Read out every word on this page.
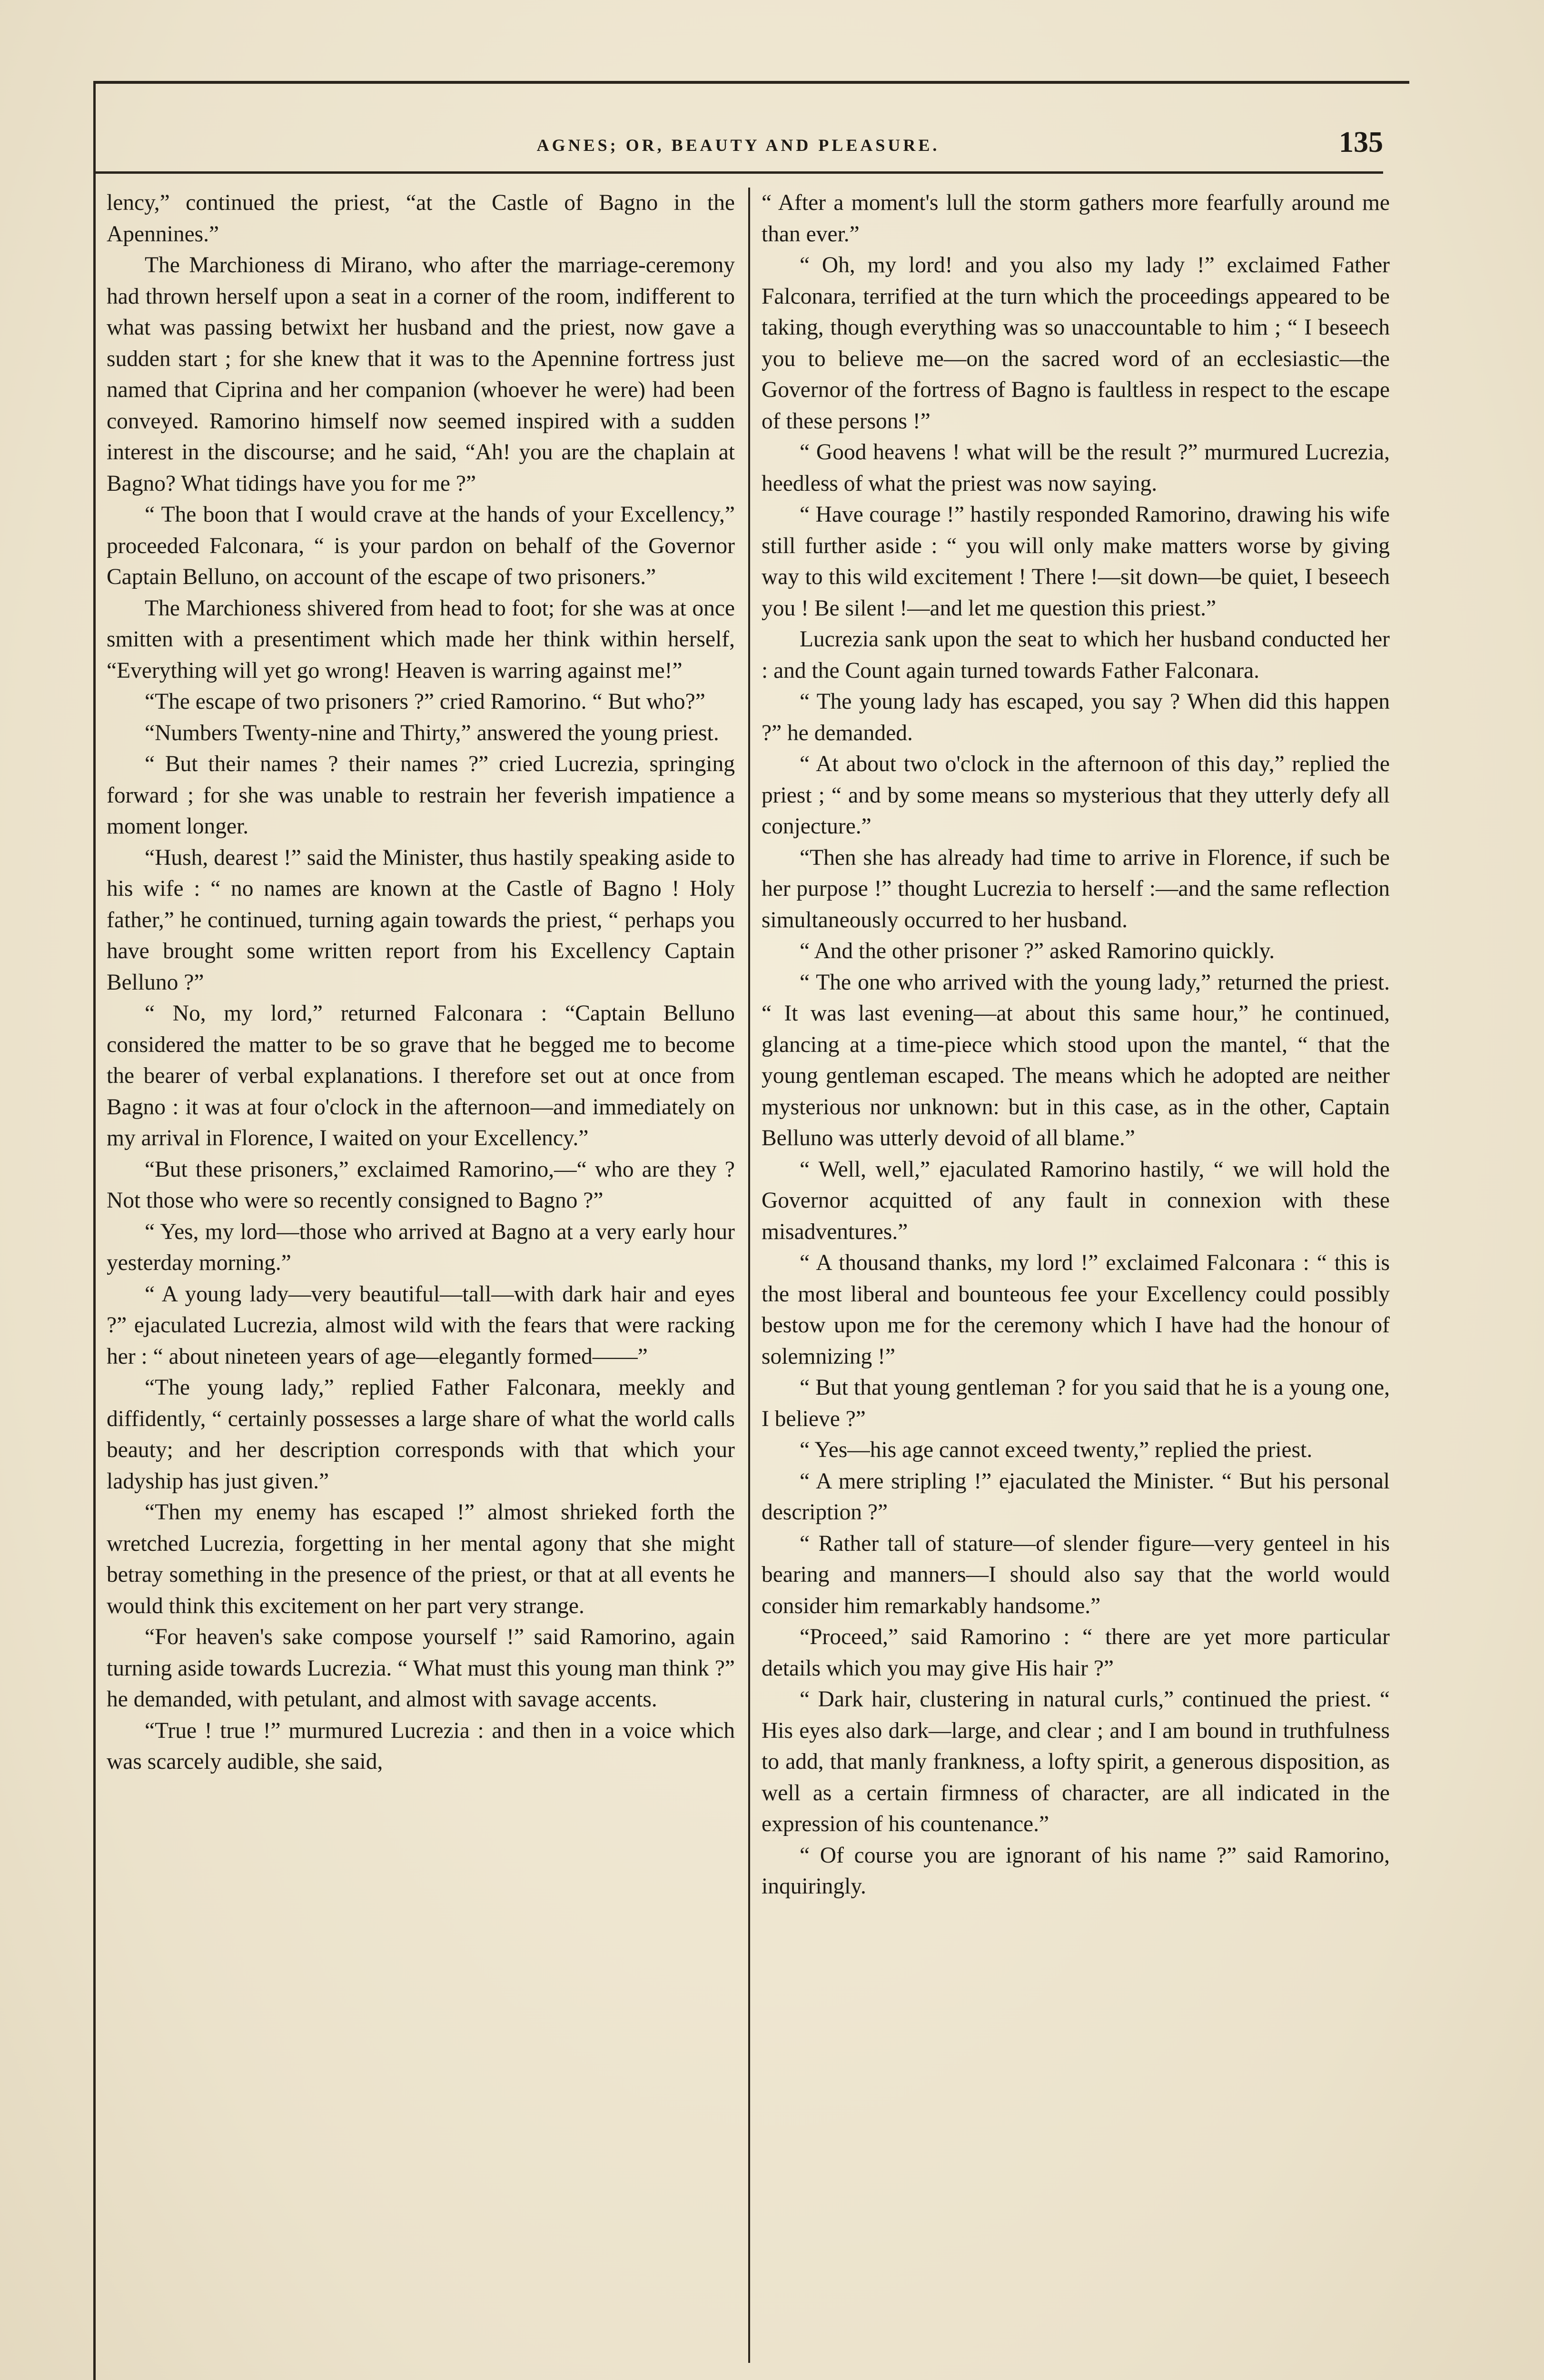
AGNES; OR, BEAUTY AND PLEASURE.	135

lency,” continued the priest, “at the Castle of Bagno in the Apennines.”

The Marchioness di Mirano, who after the marriage-ceremony had thrown herself upon a seat in a corner of the room, indifferent to what was passing betwixt her husband and the priest, now gave a sudden start ; for she knew that it was to the Apennine fortress just named that Ciprina and her companion (whoever he were) had been conveyed. Ramorino himself now seemed inspired with a sudden interest in the discourse; and he said, “Ah! you are the chaplain at Bagno? What tidings have you for me ?”

“ The boon that I would crave at the hands of your Excellency,” proceeded Falconara, “ is your pardon on behalf of the Governor Captain Belluno, on account of the escape of two prisoners.”

The Marchioness shivered from head to foot; for she was at once smitten with a presentiment which made her think within herself, “Everything will yet go wrong! Heaven is warring against me!”

“The escape of two prisoners ?” cried Ramorino. “ But who?”

“Numbers Twenty-nine and Thirty,” answered the young priest.

“ But their names ? their names ?” cried Lucrezia, springing forward ; for she was unable to restrain her feverish impatience a moment longer.

“Hush, dearest !” said the Minister, thus hastily speaking aside to his wife : “ no names are known at the Castle of Bagno ! Holy father,” he continued, turning again towards the priest, “ perhaps you have brought some written report from his Excellency Captain Belluno ?”

“ No, my lord,” returned Falconara : “Captain Belluno considered the matter to be so grave that he begged me to become the bearer of verbal explanations. I therefore set out at once from Bagno : it was at four o'clock in the afternoon—and immediately on my arrival in Florence, I waited on your Excellency.”

“But these prisoners,” exclaimed Ramorino,—“ who are they ? Not those who were so recently consigned to Bagno ?”

“ Yes, my lord—those who arrived at Bagno at a very early hour yesterday morning.”

“ A young lady—very beautiful—tall—with dark hair and eyes ?” ejaculated Lucrezia, almost wild with the fears that were racking her : “ about nineteen years of age—elegantly formed——”

“The young lady,” replied Father Falconara, meekly and diffidently, “ certainly possesses a large share of what the world calls beauty; and her description corresponds with that which your ladyship has just given.”

“Then my enemy has escaped !” almost shrieked forth the wretched Lucrezia, forgetting in her mental agony that she might betray something in the presence of the priest, or that at all events he would think this excitement on her part very strange.

“For heaven's sake compose yourself !” said Ramorino, again turning aside towards Lucrezia. “ What must this young man think ?” he demanded, with petulant, and almost with savage accents.

“True ! true !” murmured Lucrezia : and then in a voice which was scarcely audible, she said,

“ After a moment's lull the storm gathers more fearfully around me than ever.”

“ Oh, my lord! and you also my lady !” exclaimed Father Falconara, terrified at the turn which the proceedings appeared to be taking, though everything was so unaccountable to him ; “ I beseech you to believe me—on the sacred word of an ecclesiastic—the Governor of the fortress of Bagno is faultless in respect to the escape of these persons !”

“ Good heavens ! what will be the result ?” murmured Lucrezia, heedless of what the priest was now saying.

“ Have courage !” hastily responded Ramorino, drawing his wife still further aside : “ you will only make matters worse by giving way to this wild excitement ! There !—sit down—be quiet, I beseech you ! Be silent !—and let me question this priest.”

Lucrezia sank upon the seat to which her husband conducted her : and the Count again turned towards Father Falconara.

“ The young lady has escaped, you say ? When did this happen ?” he demanded.

“ At about two o'clock in the afternoon of this day,” replied the priest ; “ and by some means so mysterious that they utterly defy all conjecture.”

“Then she has already had time to arrive in Florence, if such be her purpose !” thought Lucrezia to herself :—and the same reflection simultaneously occurred to her husband.

“ And the other prisoner ?” asked Ramorino quickly.

“ The one who arrived with the young lady,” returned the priest. “ It was last evening—at about this same hour,” he continued, glancing at a time-piece which stood upon the mantel, “ that the young gentleman escaped. The means which he adopted are neither mysterious nor unknown: but in this case, as in the other, Captain Belluno was utterly devoid of all blame.”

“ Well, well,” ejaculated Ramorino hastily, “ we will hold the Governor acquitted of any fault in connexion with these misadventures.”

“ A thousand thanks, my lord !” exclaimed Falconara : “ this is the most liberal and bounteous fee your Excellency could possibly bestow upon me for the ceremony which I have had the honour of solemnizing !”

“ But that young gentleman ? for you said that he is a young one, I believe ?”

“ Yes—his age cannot exceed twenty,” replied the priest.

“ A mere stripling !” ejaculated the Minister. “ But his personal description ?”

“ Rather tall of stature—of slender figure—very genteel in his bearing and manners—I should also say that the world would consider him remarkably handsome.”

“Proceed,” said Ramorino : “ there are yet more particular details which you may give His hair ?”

“ Dark hair, clustering in natural curls,” continued the priest. “ His eyes also dark—large, and clear ; and I am bound in truthfulness to add, that manly frankness, a lofty spirit, a generous disposition, as well as a certain firmness of character, are all indicated in the expression of his countenance.”

“ Of course you are ignorant of his name ?” said Ramorino, inquiringly.
